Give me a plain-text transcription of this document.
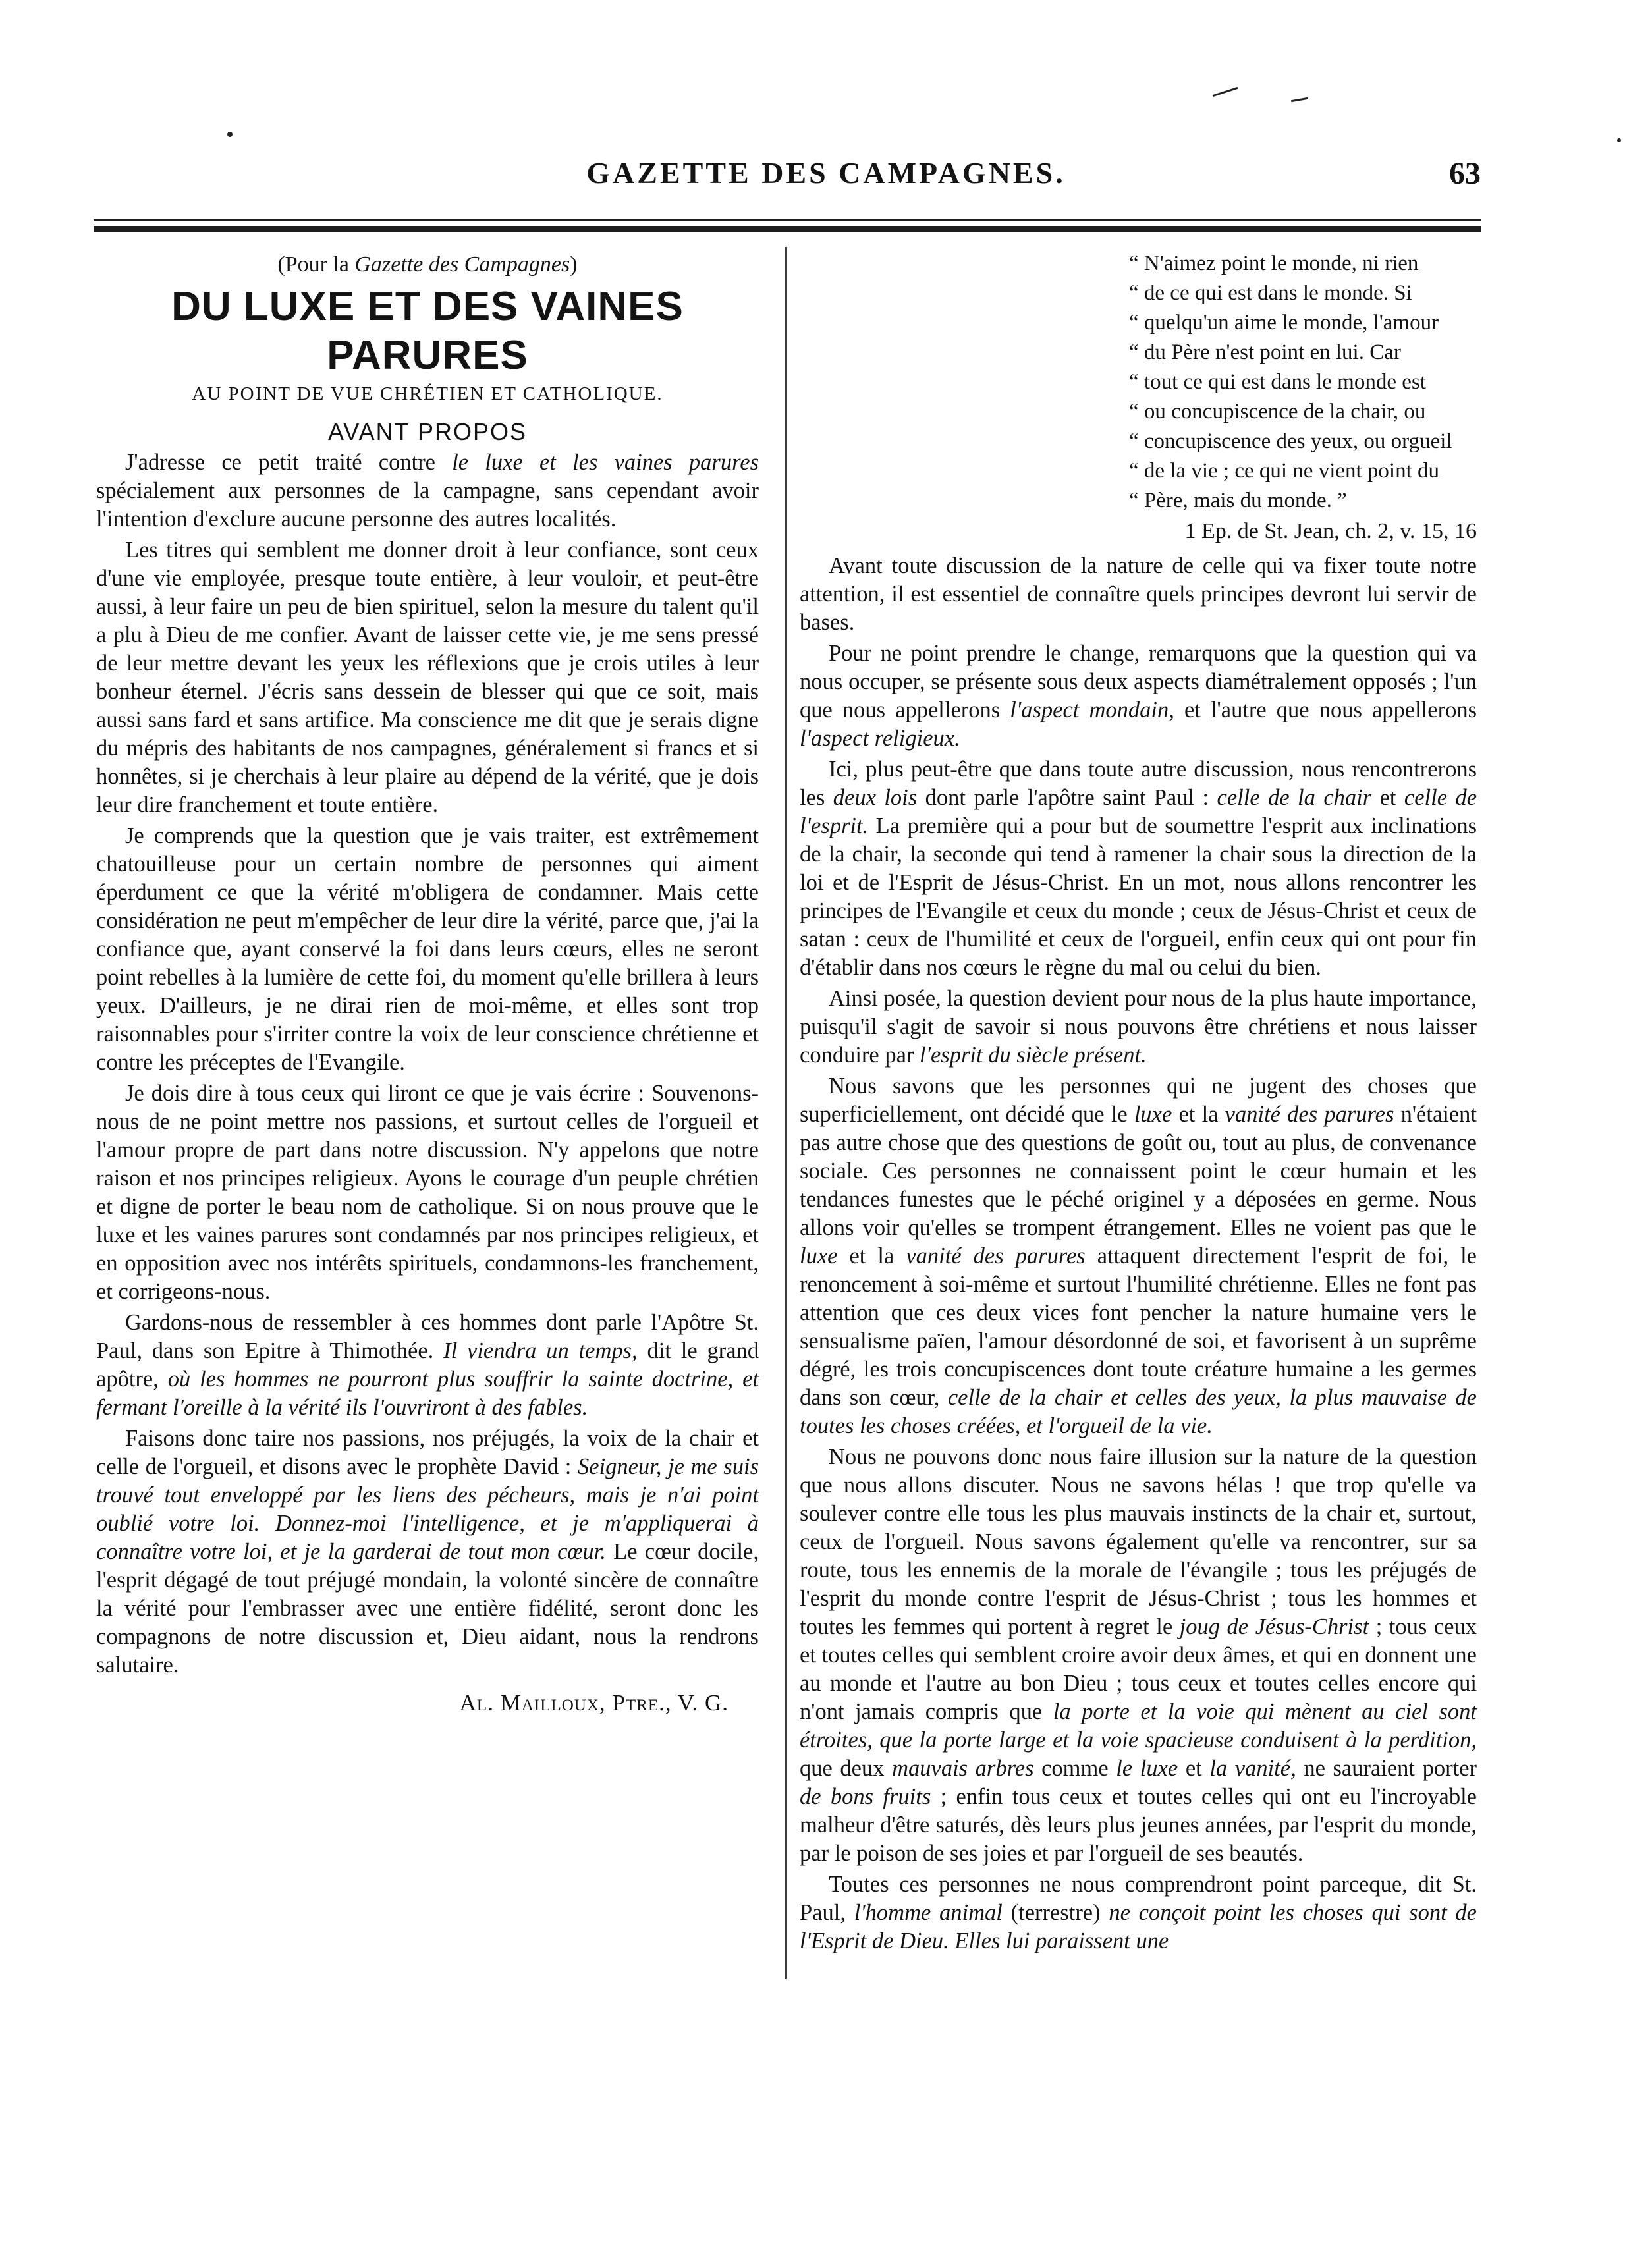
GAZETTE DES CAMPAGNES.	63
(Pour la Gazette des Campagnes)
DU LUXE ET DES VAINES PARURES
AU POINT DE VUE CHRÉTIEN ET CATHOLIQUE.
AVANT PROPOS

J'adresse ce petit traité contre le luxe et les vaines parures spécialement aux personnes de la campagne, sans cependant avoir l'intention d'exclure aucune personne des autres localités.

Les titres qui semblent me donner droit à leur confiance, sont ceux d'une vie employée, presque toute entière, à leur vouloir, et peut-être aussi, à leur faire un peu de bien spirituel, selon la mesure du talent qu'il a plu à Dieu de me confier. Avant de laisser cette vie, je me sens pressé de leur mettre devant les yeux les réflexions que je crois utiles à leur bonheur éternel. J'écris sans dessein de blesser qui que ce soit, mais aussi sans fard et sans artifice. Ma conscience me dit que je serais digne du mépris des habitants de nos campagnes, généralement si francs et si honnêtes, si je cherchais à leur plaire au dépend de la vérité, que je dois leur dire franchement et toute entière.

Je comprends que la question que je vais traiter, est extrêmement chatouilleuse pour un certain nombre de personnes qui aiment éperdument ce que la vérité m'obligera de condamner. Mais cette considération ne peut m'empêcher de leur dire la vérité, parce que, j'ai la confiance que, ayant conservé la foi dans leurs cœurs, elles ne seront point rebelles à la lumière de cette foi, du moment qu'elle brillera à leurs yeux. D'ailleurs, je ne dirai rien de moi-même, et elles sont trop raisonnables pour s'irriter contre la voix de leur conscience chrétienne et contre les préceptes de l'Evangile.

Je dois dire à tous ceux qui liront ce que je vais écrire : Souvenons-nous de ne point mettre nos passions, et surtout celles de l'orgueil et l'amour propre de part dans notre discussion. N'y appelons que notre raison et nos principes religieux. Ayons le courage d'un peuple chrétien et digne de porter le beau nom de catholique. Si on nous prouve que le luxe et les vaines parures sont condamnés par nos principes religieux, et en opposition avec nos intérêts spirituels, condamnons-les franchement, et corrigeons-nous.

Gardons-nous de ressembler à ces hommes dont parle l'Apôtre St. Paul, dans son Epitre à Thimothée. Il viendra un temps, dit le grand apôtre, où les hommes ne pourront plus souffrir la sainte doctrine, et fermant l'oreille à la vérité ils l'ouvriront à des fables.

Faisons donc taire nos passions, nos préjugés, la voix de la chair et celle de l'orgueil, et disons avec le prophète David : Seigneur, je me suis trouvé tout enveloppé par les liens des pécheurs, mais je n'ai point oublié votre loi. Donnez-moi l'intelligence, et je m'appliquerai à connaître votre loi, et je la garderai de tout mon cœur. Le cœur docile, l'esprit dégagé de tout préjugé mondain, la volonté sincère de connaître la vérité pour l'embrasser avec une entière fidélité, seront donc les compagnons de notre discussion et, Dieu aidant, nous la rendrons salutaire.

Al. Mailloux, Ptre., V. G.

“ N'aimez point le monde, ni rien

“ de ce qui est dans le monde. Si

“ quelqu'un aime le monde, l'amour

“ du Père n'est point en lui. Car

“ tout ce qui est dans le monde est

“ ou concupiscence de la chair, ou

“ concupiscence des yeux, ou orgueil

“ de la vie ; ce qui ne vient point du

“ Père, mais du monde. ”

1 Ep. de St. Jean, ch. 2, v. 15, 16

Avant toute discussion de la nature de celle qui va fixer toute notre attention, il est essentiel de connaître quels principes devront lui servir de bases.

Pour ne point prendre le change, remarquons que la question qui va nous occuper, se présente sous deux aspects diamétralement opposés ; l'un que nous appellerons l'aspect mondain, et l'autre que nous appellerons l'aspect religieux.

Ici, plus peut-être que dans toute autre discussion, nous rencontrerons les deux lois dont parle l'apôtre saint Paul : celle de la chair et celle de l'esprit. La première qui a pour but de soumettre l'esprit aux inclinations de la chair, la seconde qui tend à ramener la chair sous la direction de la loi et de l'Esprit de Jésus-Christ. En un mot, nous allons rencontrer les principes de l'Evangile et ceux du monde ; ceux de Jésus-Christ et ceux de satan : ceux de l'humilité et ceux de l'orgueil, enfin ceux qui ont pour fin d'établir dans nos cœurs le règne du mal ou celui du bien.

Ainsi posée, la question devient pour nous de la plus haute importance, puisqu'il s'agit de savoir si nous pouvons être chrétiens et nous laisser conduire par l'esprit du siècle présent.

Nous savons que les personnes qui ne jugent des choses que superficiellement, ont décidé que le luxe et la vanité des parures n'étaient pas autre chose que des questions de goût ou, tout au plus, de convenance sociale. Ces personnes ne connaissent point le cœur humain et les tendances funestes que le péché originel y a déposées en germe. Nous allons voir qu'elles se trompent étrangement. Elles ne voient pas que le luxe et la vanité des parures attaquent directement l'esprit de foi, le renoncement à soi-même et surtout l'humilité chrétienne. Elles ne font pas attention que ces deux vices font pencher la nature humaine vers le sensualisme païen, l'amour désordonné de soi, et favorisent à un suprême dégré, les trois concupiscences dont toute créature humaine a les germes dans son cœur, celle de la chair et celles des yeux, la plus mauvaise de toutes les choses créées, et l'orgueil de la vie.

Nous ne pouvons donc nous faire illusion sur la nature de la question que nous allons discuter. Nous ne savons hélas ! que trop qu'elle va soulever contre elle tous les plus mauvais instincts de la chair et, surtout, ceux de l'orgueil. Nous savons également qu'elle va rencontrer, sur sa route, tous les ennemis de la morale de l'évangile ; tous les préjugés de l'esprit du monde contre l'esprit de Jésus-Christ ; tous les hommes et toutes les femmes qui portent à regret le joug de Jésus-Christ ; tous ceux et toutes celles qui semblent croire avoir deux âmes, et qui en donnent une au monde et l'autre au bon Dieu ; tous ceux et toutes celles encore qui n'ont jamais compris que la porte et la voie qui mènent au ciel sont étroites, que la porte large et la voie spacieuse conduisent à la perdition, que deux mauvais arbres comme le luxe et la vanité, ne sauraient porter de bons fruits ; enfin tous ceux et toutes celles qui ont eu l'incroyable malheur d'être saturés, dès leurs plus jeunes années, par l'esprit du monde, par le poison de ses joies et par l'orgueil de ses beautés.

Toutes ces personnes ne nous comprendront point parceque, dit St. Paul, l'homme animal (terrestre) ne conçoit point les choses qui sont de l'Esprit de Dieu. Elles lui paraissent une
